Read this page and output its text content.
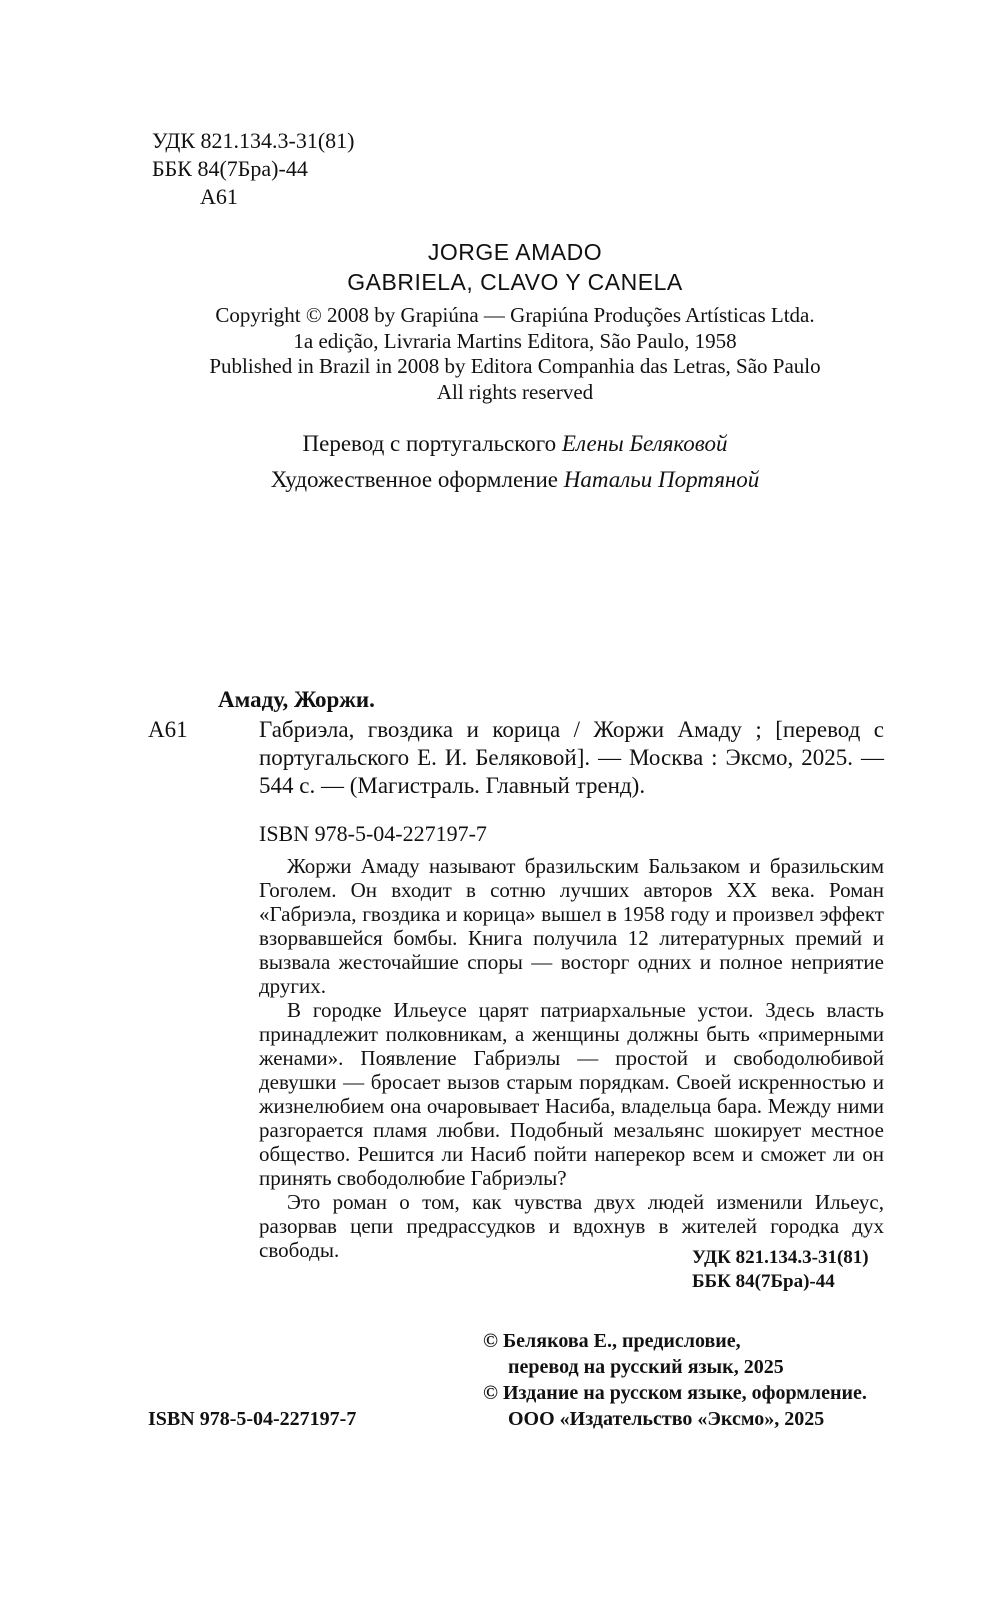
УДК 821.134.3-31(81)
ББК 84(7Бра)-44
А61
JORGE AMADO
GABRIELA, CLAVO Y CANELA
Copyright © 2008 by Grapiúna — Grapiúna Produções Artísticas Ltda.
1a edição, Livraria Martins Editora, São Paulo, 1958
Published in Brazil in 2008 by Editora Companhia das Letras, São Paulo
All rights reserved
Перевод с португальского Елены Беляковой
Художественное оформление Натальи Портяной
Амаду, Жоржи.
А61	Габриэла, гвоздика и корица / Жоржи Амаду ; [перевод с португальского Е. И. Беляковой]. — Москва : Эксмо, 2025. — 544 с. — (Магистраль. Главный тренд).
ISBN 978-5-04-227197-7

Жоржи Амаду называют бразильским Бальзаком и бразильским Гоголем. Он входит в сотню лучших авторов XX века. Роман «Габриэла, гвоздика и корица» вышел в 1958 году и произвел эффект взорвавшейся бомбы. Книга получила 12 литературных премий и вызвала жесточайшие споры — восторг одних и полное неприятие других.

В городке Ильеусе царят патриархальные устои. Здесь власть принадлежит полковникам, а женщины должны быть «примерными женами». Появление Габриэлы — простой и свободолюбивой девушки — бросает вызов старым порядкам. Своей искренностью и жизнелюбием она очаровывает Насиба, владельца бара. Между ними разгорается пламя любви. Подобный мезальянс шокирует местное общество. Решится ли Насиб пойти наперекор всем и сможет ли он принять свободолюбие Габриэлы?

Это роман о том, как чувства двух людей изменили Ильеус, разорвав цепи предрассудков и вдохнув в жителей городка дух свободы.	УДК 821.134.3-31(81)
ББК 84(7Бра)-44
ISBN 978-5-04-227197-7
© Белякова Е., предисловие,
перевод на русский язык, 2025
© Издание на русском языке, оформление.
ООО «Издательство «Эксмо», 2025
